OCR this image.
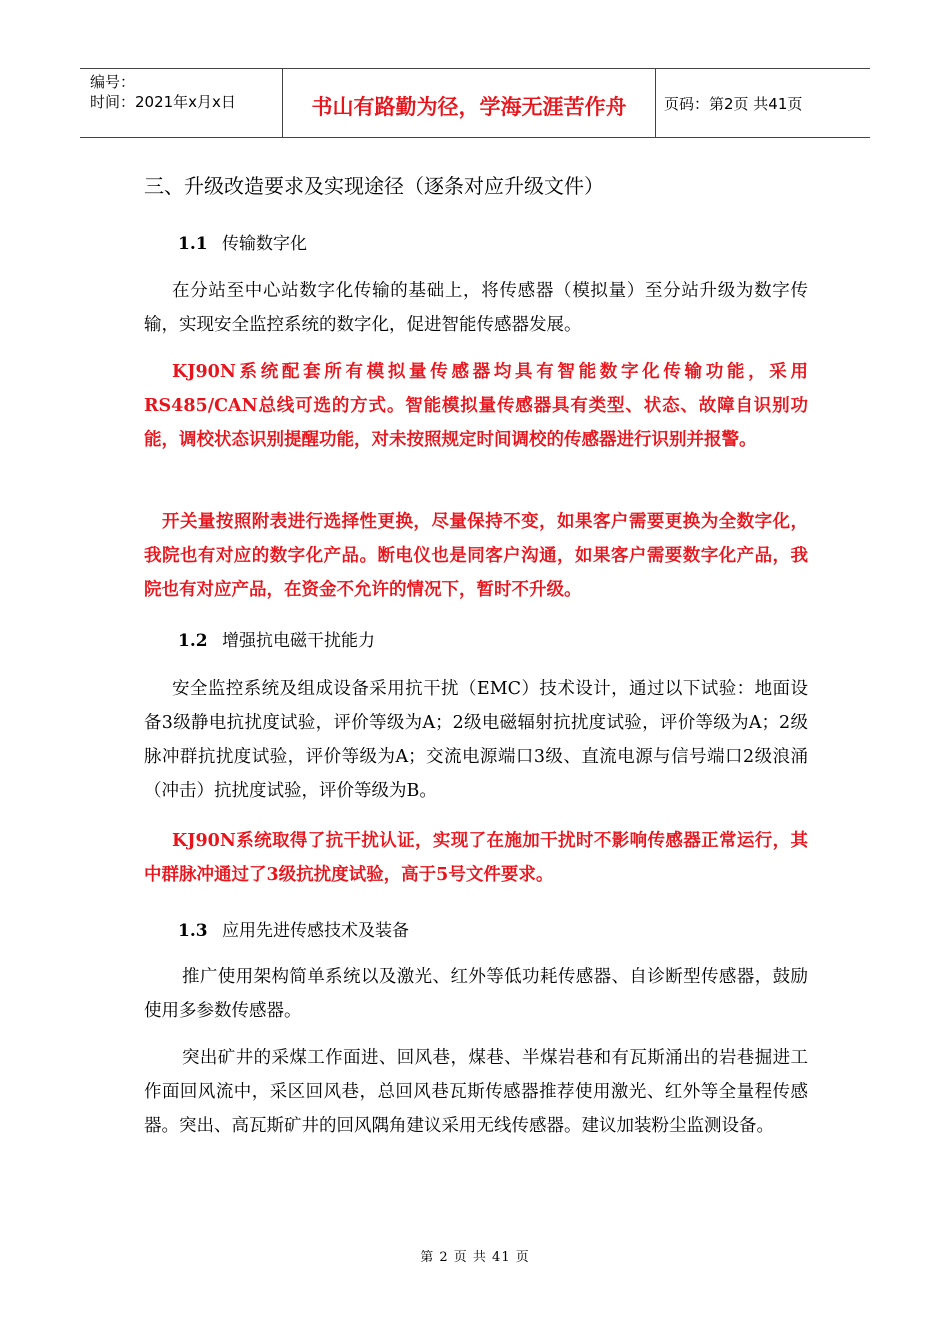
编号：
时间：2021年x月x日	书山有路勤为径，学海无涯苦作舟	页码：第2页 共41页
三、升级改造要求及实现途径（逐条对应升级文件）
1.1 传输数字化
在分站至中心站数字化传输的基础上，将传感器（模拟量）至分站升级为数字传输，实现安全监控系统的数字化，促进智能传感器发展。
KJ90N系统配套所有模拟量传感器均具有智能数字化传输功能，采用RS485/CAN总线可选的方式。智能模拟量传感器具有类型、状态、故障自识别功能，调校状态识别提醒功能，对未按照规定时间调校的传感器进行识别并报警。
开关量按照附表进行选择性更换，尽量保持不变，如果客户需要更换为全数字化，我院也有对应的数字化产品。断电仪也是同客户沟通，如果客户需要数字化产品，我院也有对应产品，在资金不允许的情况下，暂时不升级。
1.2 增强抗电磁干扰能力
安全监控系统及组成设备采用抗干扰（EMC）技术设计，通过以下试验：地面设备3级静电抗扰度试验，评价等级为A；2级电磁辐射抗扰度试验，评价等级为A；2级脉冲群抗扰度试验，评价等级为A；交流电源端口3级、直流电源与信号端口2级浪涌（冲击）抗扰度试验，评价等级为B。
KJ90N系统取得了抗干扰认证，实现了在施加干扰时不影响传感器正常运行，其中群脉冲通过了3级抗扰度试验，高于5号文件要求。
1.3 应用先进传感技术及装备
推广使用架构简单系统以及激光、红外等低功耗传感器、自诊断型传感器，鼓励使用多参数传感器。
突出矿井的采煤工作面进、回风巷，煤巷、半煤岩巷和有瓦斯涌出的岩巷掘进工作面回风流中，采区回风巷，总回风巷瓦斯传感器推荐使用激光、红外等全量程传感器。突出、高瓦斯矿井的回风隅角建议采用无线传感器。建议加装粉尘监测设备。
第 2 页 共 41 页
